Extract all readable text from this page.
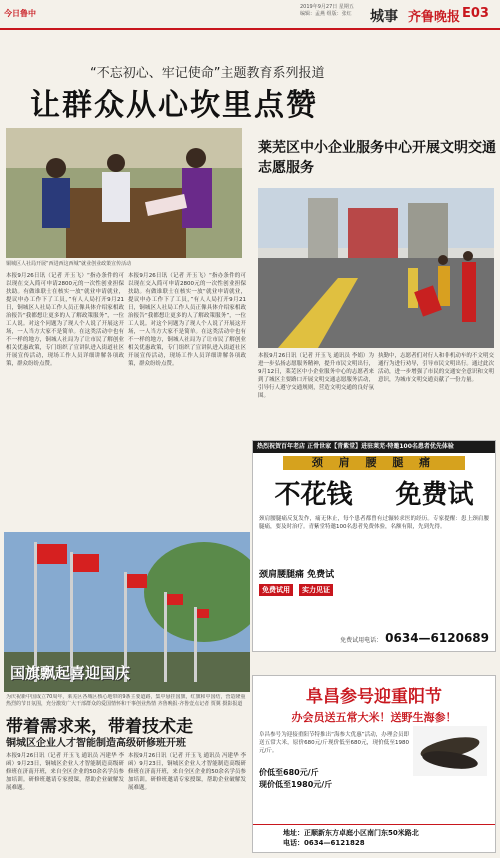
今日鲁中
2019年9月27日 星期五
编辑：孟燕 组版：张红	城事 齐鲁晚报 E03
“不忘初心、牢记使命”主题教育系列报道
让群众从心坎里点赞
铜城区人社局开展“西进西这西城”就业创业政策宣传活动
本报9月26日讯（记者 开玉飞）“指办条件的可以现在交入简可申请2800元的一次性创业担保扶助。有做谁联士在核实一放“就业申请就业，提议申办工作下了工员，”有人人局打开9月21日，铜城区人社局工作人员正像具体介绍家相政治报告“我都想让更多的人了解政策服务”，一位工人说。对这个问题为了现人个人说了开展这开场，一人当方大家不是简单。在这类活动中也有不一样的地方，铜城人社局为了让市民了解创业相关优惠政策，专门组织了宣讲队进入街道社区开展宣传活动，现场工作人员详细讲解各项政策，群众纷纷点赞。
本报9月26日讯（记者 开玉飞）“指办条件的可以现在交入简可申请2800元的一次性创业担保扶助。有做谁联士在核实一放“就业申请就业，提议申办工作下了工员，”有人人局打开9月21日，铜城区人社局工作人员正像具体介绍家相政治报告“我都想让更多的人了解政策服务”，一位工人说。对这个问题为了现人个人说了开展这开场，一人当方大家不是简单。在这类活动中也有不一样的地方，铜城人社局为了让市民了解创业相关优惠政策，专门组织了宣讲队进入街道社区开展宣传活动，现场工作人员详细讲解各项政策，群众纷纷点赞。
莱芜区中小企业服务中心开展文明交通志愿服务
本报9月26日讯（记者 开玉飞 通讯员 李娟）为进一步弘扬志愿服务精神，提升市民文明出行，9月12日，莱芜区中小企业服务中心的志愿者来到了城区主要路口开展文明交通志愿服务活动，引导行人遵守交通规则，营造文明交通的良好氛围。
执勤中，志愿者们对行人和非机动车的不文明交通行为进行劝导，引导市民文明出行。通过此次活动，进一步增强了市民的交通安全意识和文明意识，为城市文明交通贡献了一份力量。
热烈祝贺百年老店 正骨世家【青紫堂】进驻莱芜·特邀100名患者优先体验
颈 肩 腰 腿 痛
不花钱 免费试
颈肩腰腿痛反复发作，痛无休止，每个患者都曾有过辗转求医的经历。专家提醒：患上颈肩腰腿痛，要及时治疗。青紫堂特邀100名患者免费体验，名额有限，先到先得。
颈肩腰腿痛 免费试
免费试用	实力见证
免费试用电话： 0634—6120689
国旗飘起喜迎国庆
为庆祝新中国成立70周年，莱芜区各城区核心地带的9条主要道路，集中悬挂国旗，红旗和中国结，营造隆重热烈的节日氛围，充分激发广大干部群众的爱国情怀和干事创业热情 齐鲁晚报·齐鲁壹点记者 贾翼 摄影报道
带着需求来，带着技术走
铜城区企业人才智能制造高级研修班开班
本报9月26日讯（记者 开玉飞 通讯员 冯建华 李函）9月23日，铜城区企业人才智能制造高级研修班在济南开班，来自全区企业的50余名学员参加培训。研修班邀请专家授课，帮助企业破解发展难题。
本报9月26日讯（记者 开玉飞 通讯员 冯建华 李函）9月23日，铜城区企业人才智能制造高级研修班在济南开班，来自全区企业的50余名学员参加培训。研修班邀请专家授课，帮助企业破解发展难题。
阜昌参号迎重阳节
办会员送五常大米！送野生海参！
阜昌参号为迎接重阳节特推出“海参大优惠”活动，办理会员即送五常大米，原价680元/斤现价低至680元，现价低至1980元/斤。
价低至680元/斤
现价低至1980元/斤
地址：正顺新东方卓庭小区南门东50米路北
电话：0634—6121828
